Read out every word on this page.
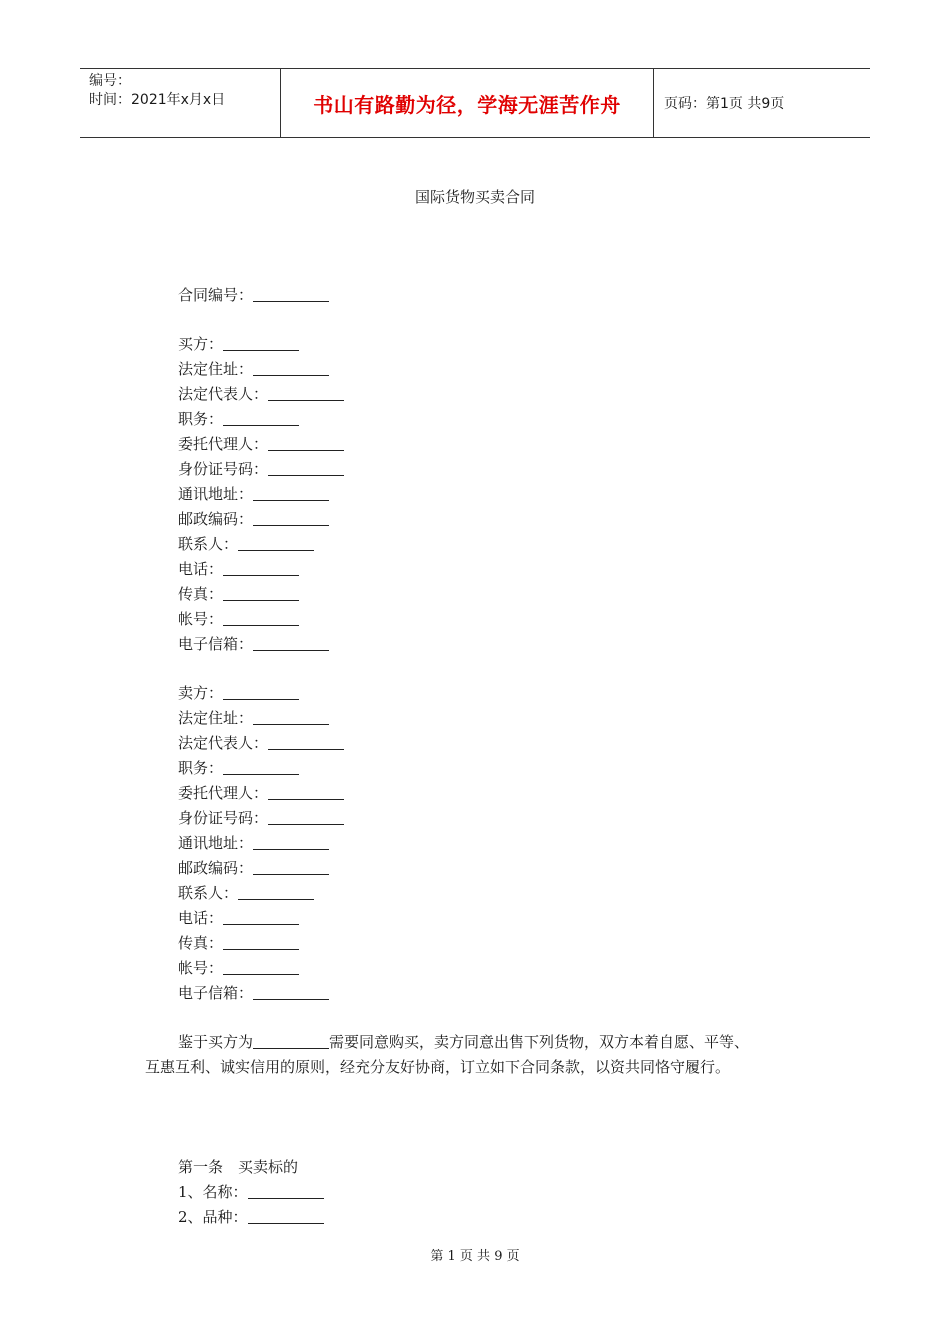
编号：
时间：2021年x月x日	书山有路勤为径，学海无涯苦作舟	页码：第1页 共9页
国际货物买卖合同
合同编号：
买方：
法定住址：
法定代表人：
职务：
委托代理人：
身份证号码：
通讯地址：
邮政编码：
联系人：
电话：
传真：
帐号：
电子信箱：
卖方：
法定住址：
法定代表人：
职务：
委托代理人：
身份证号码：
通讯地址：
邮政编码：
联系人：
电话：
传真：
帐号：
电子信箱：
鉴于买方为	需要同意购买，卖方同意出售下列货物，双方本着自愿、平等、
互惠互利、诚实信用的原则，经充分友好协商，订立如下合同条款，以资共同恪守履行。
第一条　买卖标的
1、名称：
2、品种：
第 1 页 共 9 页
